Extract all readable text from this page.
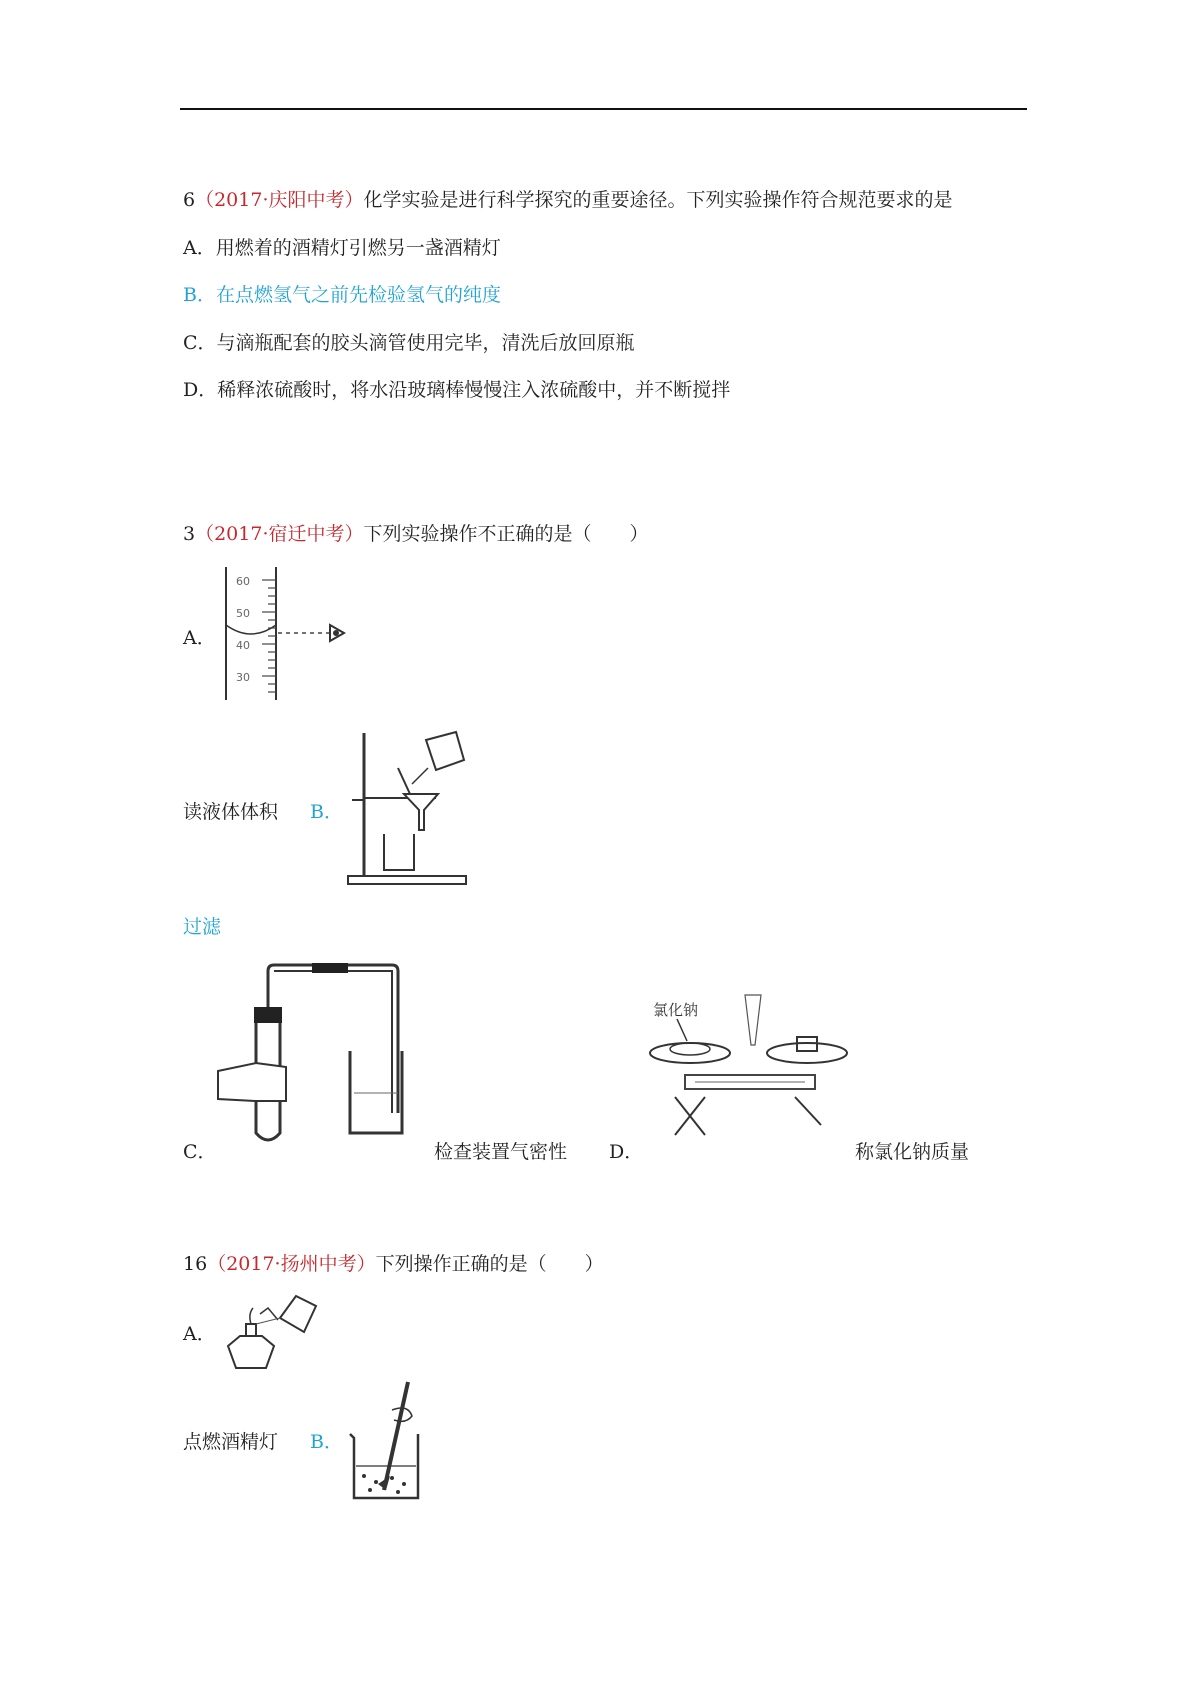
6（2017·庆阳中考）化学实验是进行科学探究的重要途径。下列实验操作符合规范要求的是
A．用燃着的酒精灯引燃另一盏酒精灯
B．在点燃氢气之前先检验氢气的纯度
C．与滴瓶配套的胶头滴管使用完毕，清洗后放回原瓶
D．稀释浓硫酸时，将水沿玻璃棒慢慢注入浓硫酸中，并不断搅拌
3（2017·宿迁中考）下列实验操作不正确的是（　　）
A．
60
50
40
30
读液体体积 B．
过滤
C．	检查装置气密性 D．
氯化钠
称氯化钠质量
16（2017·扬州中考）下列操作正确的是（　　）
A．
点燃酒精灯 B．
